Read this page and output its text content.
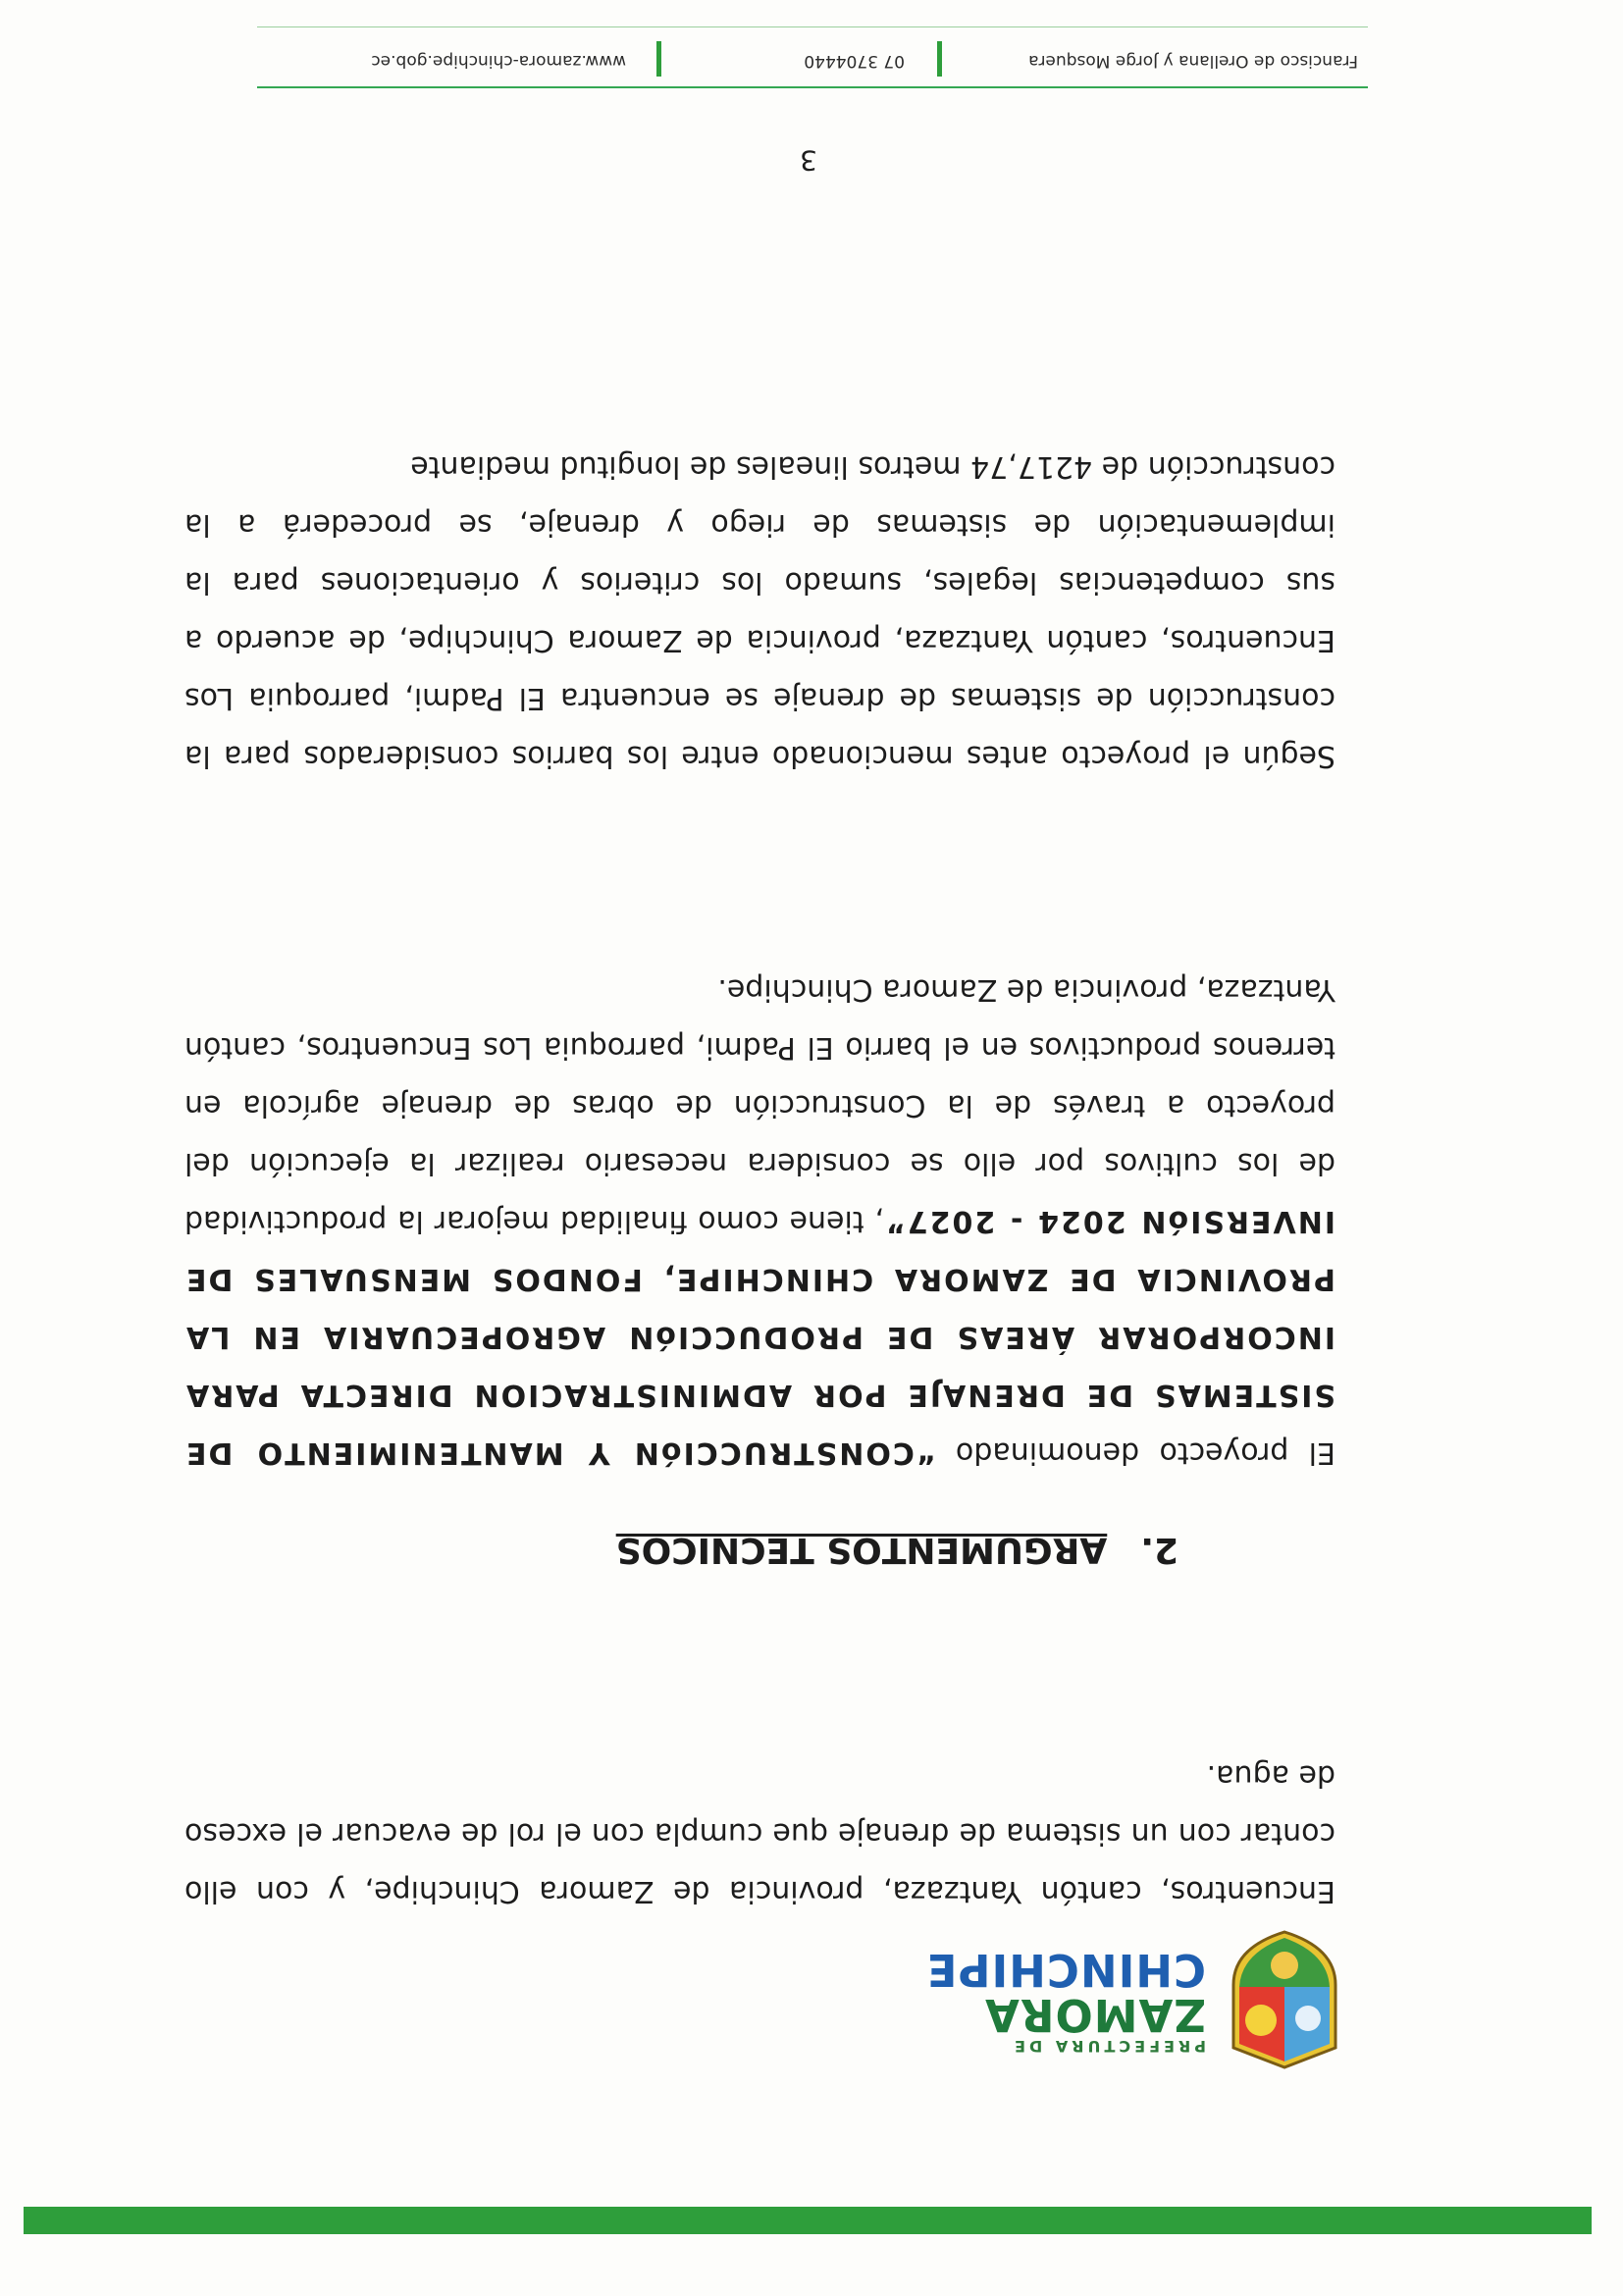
PREFECTURA DE
ZAMORA
CHINCHIPE

Encuentros, cantón Yantzaza, provincia de Zamora Chinchipe, y con ello contar con un sistema de drenaje que cumpla con el rol de evacuar el exceso de agua.

2.ARGUMENTOS TECNICOS

El proyecto denominado “CONSTRUCCIóN Y MANTENIMIENTO DE SISTEMAS DE DRENAJE POR ADMINISTRACION DIRECTA PARA INCORPORAR ÁREAS DE PRODUCCIóN AGROPECUARIA EN LA PROVINCIA DE ZAMORA CHINCHIPE, FONDOS MENSUALES DE INVERSIóN 2024 - 2027”, tiene como finalidad mejorar la productividad de los cultivos por ello se considera necesario realizar la ejecución del proyecto a través de la Construcción de obras de drenaje agrícola en terrenos productivos en el barrio El Padmi, parroquia Los Encuentros, cantón Yantzaza, provincia de Zamora Chinchipe.

Según el proyecto antes mencionado entre los barrios considerados para la construcción de sistemas de drenaje se encuentra El Padmi, parroquia Los Encuentros, cantón Yantzaza, provincia de Zamora Chinchipe, de acuerdo a sus competencias legales, sumado los criterios y orientaciones para la implementación de sistemas de riego y drenaje, se procederá a la construcción de 4217,74 metros lineales de longitud mediante

3
Francisco de Orellana y Jorge Mosquera
07 3704440
www.zamora-chinchipe.gob.ec
